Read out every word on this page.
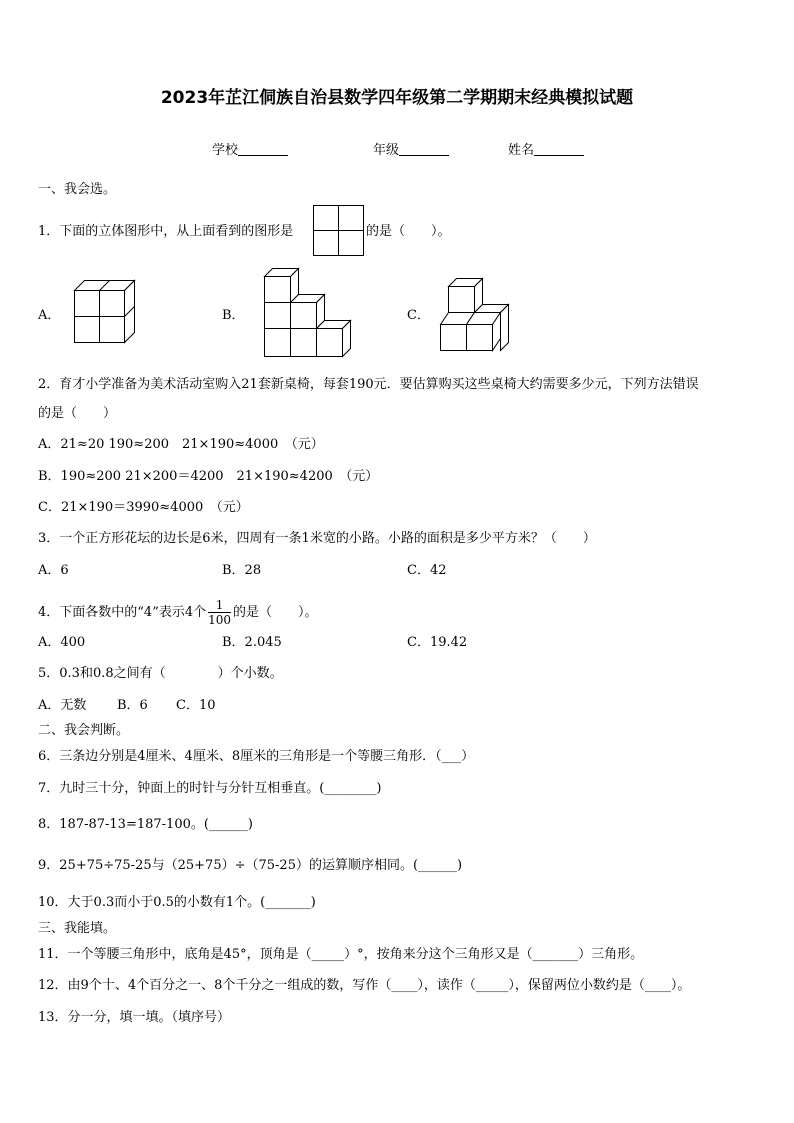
2023年芷江侗族自治县数学四年级第二学期期末经典模拟试题
学校	年级	姓名
一、我会选。
1．下面的立体图形中，从上面看到的图形是	的是（　　）。
A．	B．	C．
2．育才小学准备为美术活动室购入21套新桌椅，每套190元．要估算购买这些桌椅大约需要多少元，下列方法错误
的是（　　）
A．21≈20 190≈200　21×190≈4000　（元）
B．190≈200 21×200＝4200　21×190≈4200　（元）
C．21×190＝3990≈4000　（元）
3．一个正方形花坛的边长是6米，四周有一条1米宽的小路。小路的面积是多少平方米？（　　）
A．6	B．28	C．42
4．下面各数中的“4”表示4个 $\frac{1}{100}$ 的是（　　）。
A．400	B．2.045	C．19.42
5．0.3和0.8之间有（　　　　）个小数。
A．无数 B．6 C．10
二、我会判断。
6．三条边分别是4厘米、4厘米、8厘米的三角形是一个等腰三角形．（___）
7．九时三十分，钟面上的时针与分针互相垂直。(________)
8．187-87-13=187-100。(______)
9．25+75÷75-25与（25+75）÷（75-25）的运算顺序相同。(______)
10．大于0.3而小于0.5的小数有1个。(_______)
三、我能填。
11．一个等腰三角形中，底角是45°，顶角是（_____）°，按角来分这个三角形又是（_______）三角形。
12．由9个十、4个百分之一、8个千分之一组成的数，写作（____），读作（_____），保留两位小数约是（____）。
13．分一分，填一填。（填序号）
